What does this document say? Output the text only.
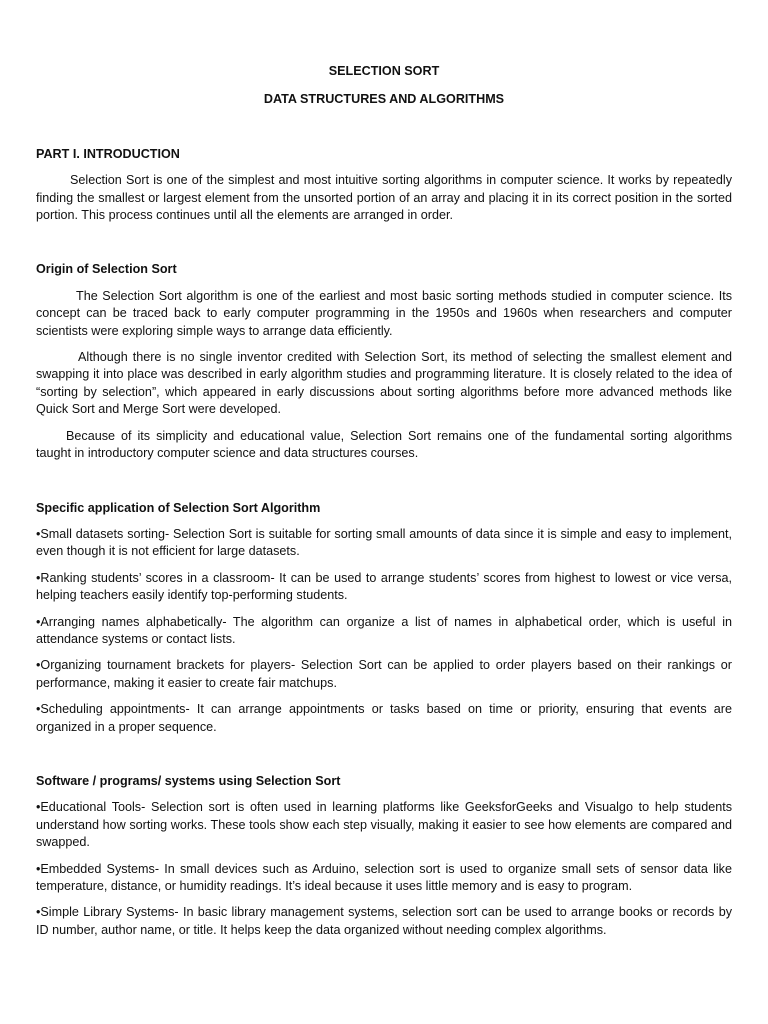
SELECTION SORT
DATA STRUCTURES AND ALGORITHMS
PART I. INTRODUCTION

Selection Sort is one of the simplest and most intuitive sorting algorithms in computer science. It works by repeatedly finding the smallest or largest element from the unsorted portion of an array and placing it in its correct position in the sorted portion. This process continues until all the elements are arranged in order.

Origin of Selection Sort

The Selection Sort algorithm is one of the earliest and most basic sorting methods studied in computer science. Its concept can be traced back to early computer programming in the 1950s and 1960s when researchers and computer scientists were exploring simple ways to arrange data efficiently.

Although there is no single inventor credited with Selection Sort, its method of selecting the smallest element and swapping it into place was described in early algorithm studies and programming literature. It is closely related to the idea of “sorting by selection”, which appeared in early discussions about sorting algorithms before more advanced methods like Quick Sort and Merge Sort were developed.

Because of its simplicity and educational value, Selection Sort remains one of the fundamental sorting algorithms taught in introductory computer science and data structures courses.

Specific application of Selection Sort Algorithm

•Small datasets sorting- Selection Sort is suitable for sorting small amounts of data since it is simple and easy to implement, even though it is not efficient for large datasets.

•Ranking students’ scores in a classroom- It can be used to arrange students’ scores from highest to lowest or vice versa, helping teachers easily identify top-performing students.

•Arranging names alphabetically- The algorithm can organize a list of names in alphabetical order, which is useful in attendance systems or contact lists.

•Organizing tournament brackets for players- Selection Sort can be applied to order players based on their rankings or performance, making it easier to create fair matchups.

•Scheduling appointments- It can arrange appointments or tasks based on time or priority, ensuring that events are organized in a proper sequence.

Software / programs/ systems using Selection Sort

•Educational Tools- Selection sort is often used in learning platforms like GeeksforGeeks and Visualgo to help students understand how sorting works. These tools show each step visually, making it easier to see how elements are compared and swapped.

•Embedded Systems- In small devices such as Arduino, selection sort is used to organize small sets of sensor data like temperature, distance, or humidity readings. It’s ideal because it uses little memory and is easy to program.

•Simple Library Systems- In basic library management systems, selection sort can be used to arrange books or records by ID number, author name, or title. It helps keep the data organized without needing complex algorithms.
